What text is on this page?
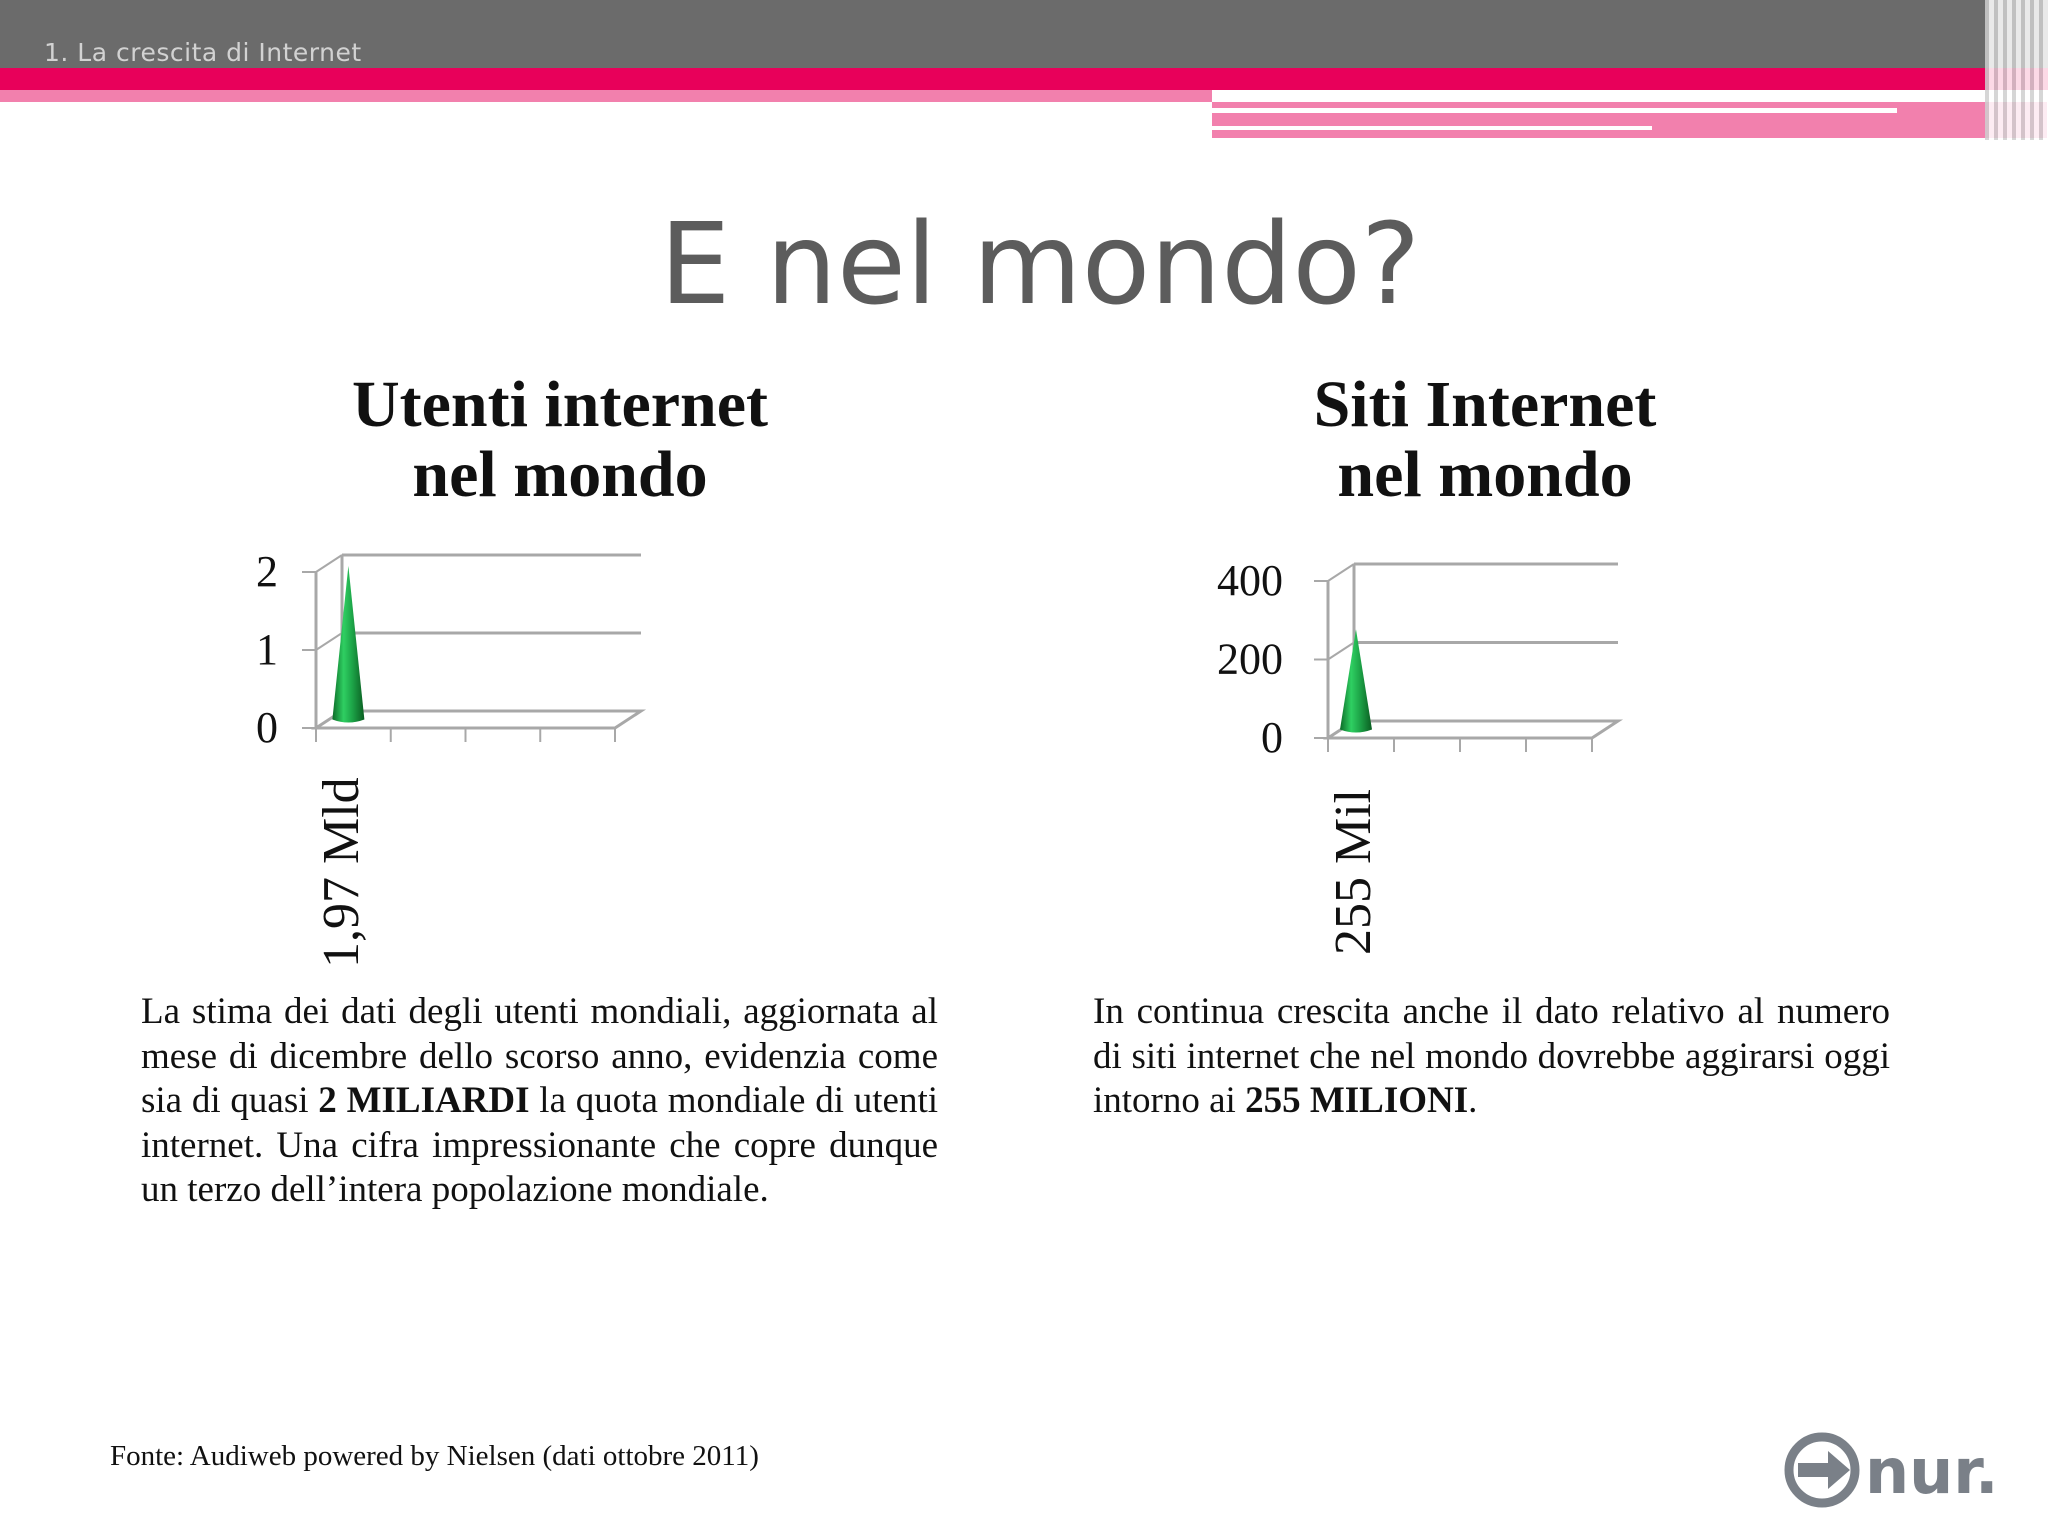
1. La crescita di Internet
E nel mondo?
Utenti internet
nel mondo
Siti Internet
nel mondo
0
1
2
1,97 Mld
0
200
400
255 Mil
La stima dei dati degli utenti mondiali, aggiornata al mese di dicembre dello scorso anno, evidenzia come sia di quasi 2 MILIARDI la quota mondiale di utenti internet. Una cifra impressionante che copre dunque un terzo dell’intera popolazione mondiale.
In continua crescita anche il dato relativo al numero di siti internet che nel mondo dovrebbe aggirarsi oggi intorno ai 255 MILIONI.
Fonte: Audiweb powered by Nielsen (dati ottobre 2011)	nur.
